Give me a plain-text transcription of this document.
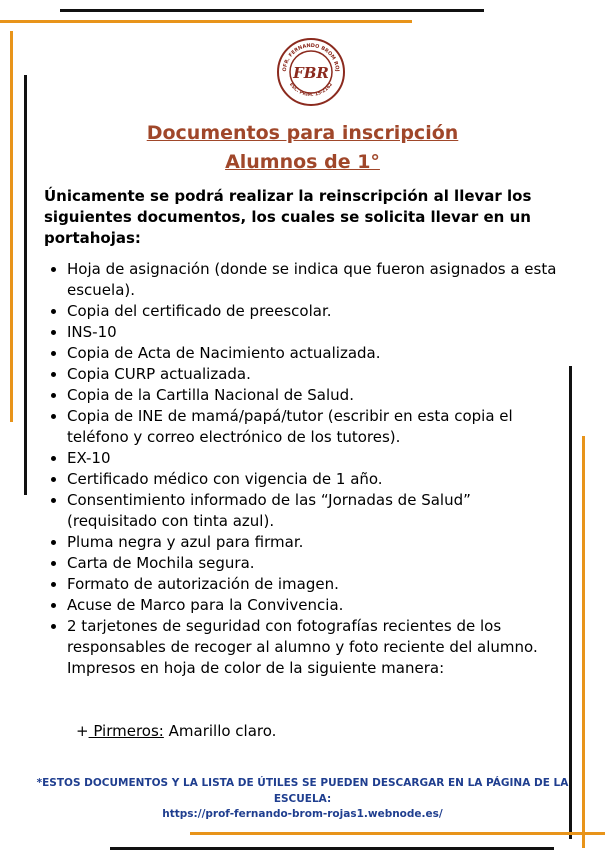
OFR. FERNANDO BROM ROJ
ESC. PRIM. 15-2162
FBR
Documentos para inscripción
Alumnos de 1°
Únicamente se podrá realizar la reinscripción al llevar los siguientes documentos, los cuales se solicita llevar en un portahojas:
• Hoja de asignación (donde se indica que fueron asignados a esta escuela).
• Copia del certificado de preescolar.
• INS-10
• Copia de Acta de Nacimiento actualizada.
• Copia CURP actualizada.
• Copia de la Cartilla Nacional de Salud.
• Copia de INE de mamá/papá/tutor (escribir en esta copia el teléfono y correo electrónico de los tutores).
• EX-10
• Certificado médico con vigencia de 1 año.
• Consentimiento informado de las “Jornadas de Salud” (requisitado con tinta azul).
• Pluma negra y azul para firmar.
• Carta de Mochila segura.
• Formato de autorización de imagen.
• Acuse de Marco para la Convivencia.
• 2 tarjetones de seguridad con fotografías recientes de los responsables de recoger al alumno y foto reciente del alumno. Impresos en hoja de color de la siguiente manera:
+ Pirmeros: Amarillo claro.
*ESTOS DOCUMENTOS Y LA LISTA DE ÚTILES SE PUEDEN DESCARGAR EN LA PÁGINA DE LA ESCUELA:
https://prof-fernando-brom-rojas1.webnode.es/
